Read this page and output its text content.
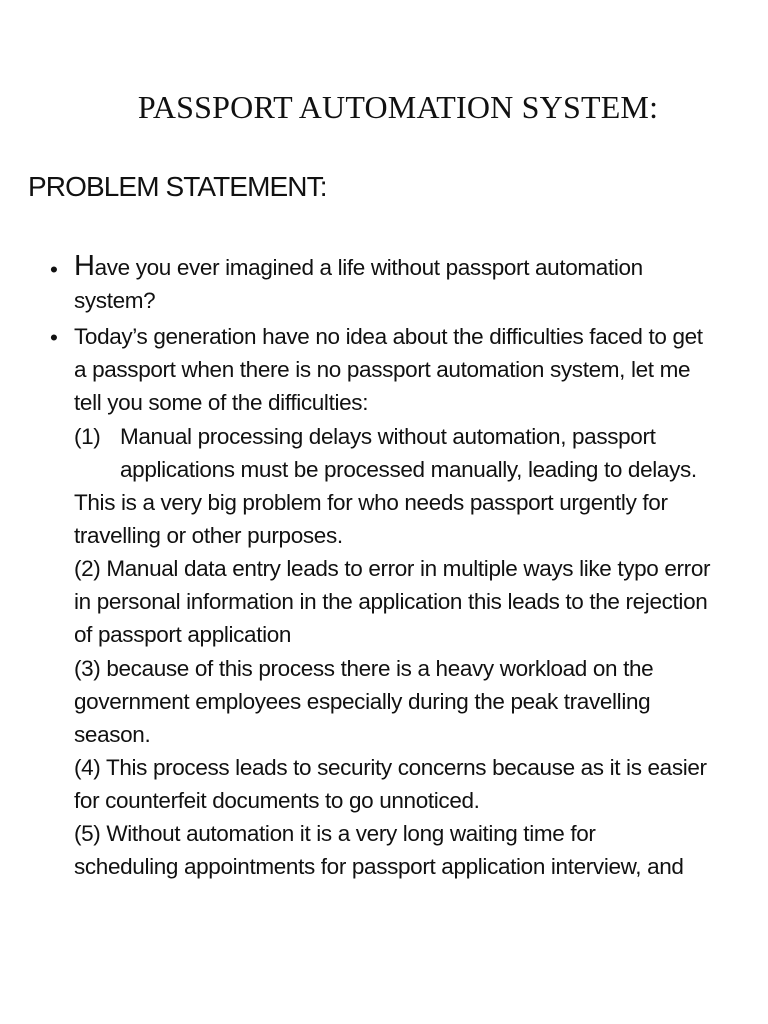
PASSPORT AUTOMATION SYSTEM:
PROBLEM STATEMENT:
• Have you ever imagined a life without passport automation
system?
• Today’s generation have no idea about the difficulties faced to get
a passport when there is no passport automation system, let me
tell you some of the difficulties:
(1) Manual processing delays without automation, passport
applications must be processed manually, leading to delays.
This is a very big problem for who needs passport urgently for
travelling or other purposes.
(2) Manual data entry leads to error in multiple ways like typo error
in personal information in the application this leads to the rejection
of passport application
(3) because of this process there is a heavy workload on the
government employees especially during the peak travelling
season.
(4) This process leads to security concerns because as it is easier
for counterfeit documents to go unnoticed.
(5) Without automation it is a very long waiting time for
scheduling appointments for passport application interview, and
